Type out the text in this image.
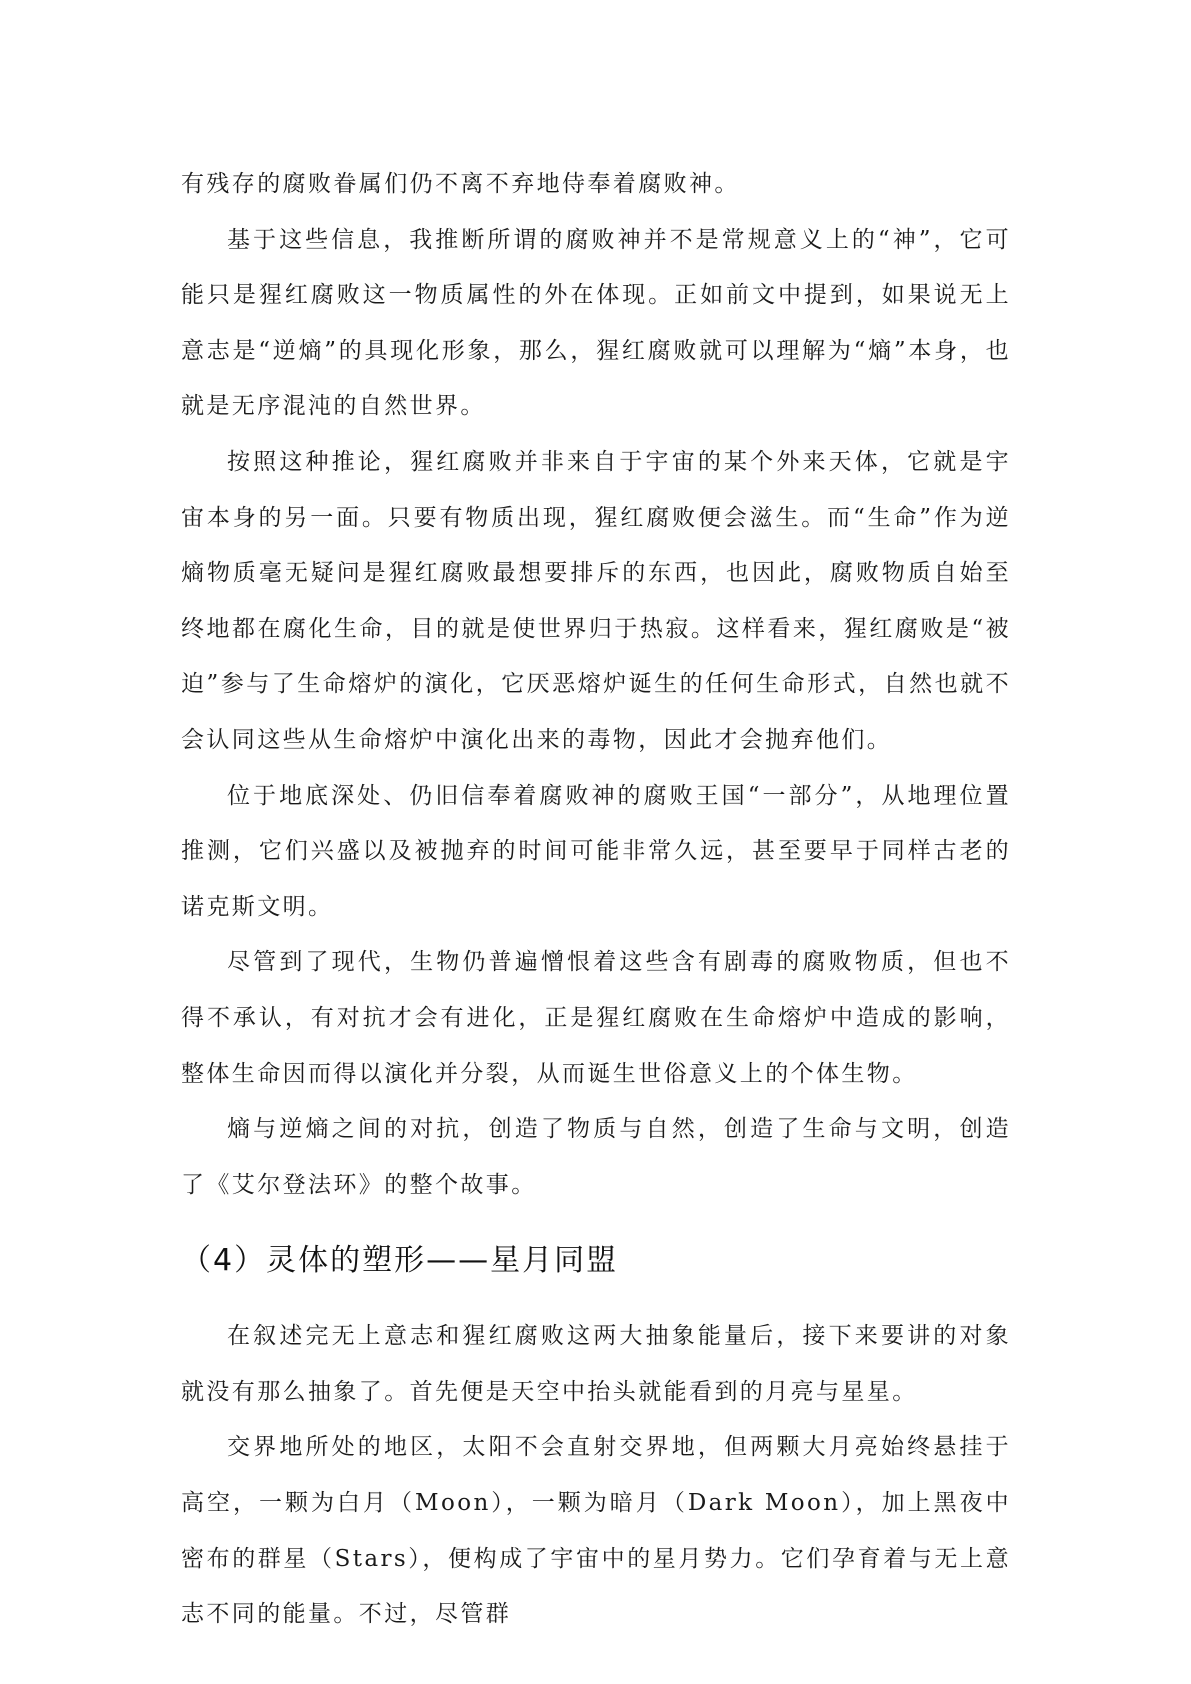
有残存的腐败眷属们仍不离不弃地侍奉着腐败神。

基于这些信息，我推断所谓的腐败神并不是常规意义上的“神”，它可能只是猩红腐败这一物质属性的外在体现。正如前文中提到，如果说无上意志是“逆熵”的具现化形象，那么，猩红腐败就可以理解为“熵”本身，也就是无序混沌的自然世界。

按照这种推论，猩红腐败并非来自于宇宙的某个外来天体，它就是宇宙本身的另一面。只要有物质出现，猩红腐败便会滋生。而“生命”作为逆熵物质毫无疑问是猩红腐败最想要排斥的东西，也因此，腐败物质自始至终地都在腐化生命，目的就是使世界归于热寂。这样看来，猩红腐败是“被迫”参与了生命熔炉的演化，它厌恶熔炉诞生的任何生命形式，自然也就不会认同这些从生命熔炉中演化出来的毒物，因此才会抛弃他们。

位于地底深处、仍旧信奉着腐败神的腐败王国“一部分”，从地理位置推测，它们兴盛以及被抛弃的时间可能非常久远，甚至要早于同样古老的诺克斯文明。

尽管到了现代，生物仍普遍憎恨着这些含有剧毒的腐败物质，但也不得不承认，有对抗才会有进化，正是猩红腐败在生命熔炉中造成的影响，整体生命因而得以演化并分裂，从而诞生世俗意义上的个体生物。

熵与逆熵之间的对抗，创造了物质与自然，创造了生命与文明，创造了《艾尔登法环》的整个故事。

（4）灵体的塑形——星月同盟

在叙述完无上意志和猩红腐败这两大抽象能量后，接下来要讲的对象就没有那么抽象了。首先便是天空中抬头就能看到的月亮与星星。

交界地所处的地区，太阳不会直射交界地，但两颗大月亮始终悬挂于高空，一颗为白月（Moon），一颗为暗月（Dark Moon），加上黑夜中密布的群星（Stars），便构成了宇宙中的星月势力。它们孕育着与无上意志不同的能量。不过，尽管群
